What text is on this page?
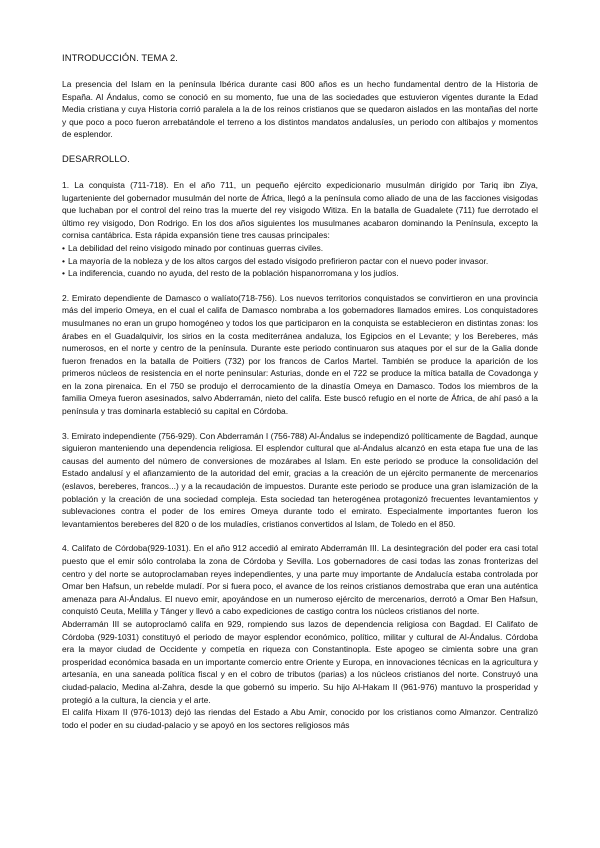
INTRODUCCIÓN. TEMA 2.

La presencia del Islam en la península Ibérica durante casi 800 años es un hecho fundamental dentro de la Historia de España. Al Ándalus, como se conoció en su momento, fue una de las sociedades que estuvieron vigentes durante la Edad Media cristiana y cuya Historia corrió paralela a la de los reinos cristianos que se quedaron aislados en las montañas del norte y que poco a poco fueron arrebatándole el terreno a los distintos mandatos andalusíes, un periodo con altibajos y momentos de esplendor.

DESARROLLO.

1. La conquista (711-718). En el año 711, un pequeño ejército expedicionario musulmán dirigido por Tariq ibn Ziya, lugarteniente del gobernador musulmán del norte de África, llegó a la península como aliado de una de las facciones visigodas que luchaban por el control del reino tras la muerte del rey visigodo Witiza. En la batalla de Guadalete (711) fue derrotado el último rey visigodo, Don Rodrigo. En los dos años siguientes los musulmanes acabaron dominando la Península, excepto la cornisa cantábrica. Esta rápida expansión tiene tres causas principales:

• La debilidad del reino visigodo minado por continuas guerras civiles.
• La mayoría de la nobleza y de los altos cargos del estado visigodo prefirieron pactar con el nuevo poder invasor.
• La indiferencia, cuando no ayuda, del resto de la población hispanorromana y los judíos.

2. Emirato dependiente de Damasco o walíato(718-756). Los nuevos territorios conquistados se convirtieron en una provincia más del imperio Omeya, en el cual el califa de Damasco nombraba a los gobernadores llamados emires. Los conquistadores musulmanes no eran un grupo homogéneo y todos los que participaron en la conquista se establecieron en distintas zonas: los árabes en el Guadalquivir, los sirios en la costa mediterránea andaluza, los Egipcios en el Levante; y los Bereberes, más numerosos, en el norte y centro de la península. Durante este periodo continuaron sus ataques por el sur de la Galia donde fueron frenados en la batalla de Poitiers (732) por los francos de Carlos Martel. También se produce la aparición de los primeros núcleos de resistencia en el norte peninsular: Asturias, donde en el 722 se produce la mítica batalla de Covadonga y en la zona pirenaica. En el 750 se produjo el derrocamiento de la dinastía Omeya en Damasco. Todos los miembros de la familia Omeya fueron asesinados, salvo Abderramán, nieto del califa. Este buscó refugio en el norte de África, de ahí pasó a la península y tras dominarla estableció su capital en Córdoba.

3. Emirato independiente (756-929). Con Abderramán I (756-788) Al-Ándalus se independizó políticamente de Bagdad, aunque siguieron manteniendo una dependencia religiosa. El esplendor cultural que al-Ándalus alcanzó en esta etapa fue una de las causas del aumento del número de conversiones de mozárabes al Islam. En este periodo se produce la consolidación del Estado andalusí y el afianzamiento de la autoridad del emir, gracias a la creación de un ejército permanente de mercenarios (eslavos, bereberes, francos...) y a la recaudación de impuestos. Durante este periodo se produce una gran islamización de la población y la creación de una sociedad compleja. Esta sociedad tan heterogénea protagonizó frecuentes levantamientos y sublevaciones contra el poder de los emires Omeya durante todo el emirato. Especialmente importantes fueron los levantamientos bereberes del 820 o de los muladíes, cristianos convertidos al Islam, de Toledo en el 850.

4. Califato de Córdoba(929-1031). En el año 912 accedió al emirato Abderramán III. La desintegración del poder era casi total puesto que el emir sólo controlaba la zona de Córdoba y Sevilla. Los gobernadores de casi todas las zonas fronterizas del centro y del norte se autoproclamaban reyes independientes, y una parte muy importante de Andalucía estaba controlada por Omar ben Hafsun, un rebelde muladí. Por si fuera poco, el avance de los reinos cristianos demostraba que eran una auténtica amenaza para Al-Ándalus. El nuevo emir, apoyándose en un numeroso ejército de mercenarios, derrotó a Omar Ben Hafsun, conquistó Ceuta, Melilla y Tánger y llevó a cabo expediciones de castigo contra los núcleos cristianos del norte.

Abderramán III se autoproclamó califa en 929, rompiendo sus lazos de dependencia religiosa con Bagdad. El Califato de Córdoba (929-1031) constituyó el periodo de mayor esplendor económico, político, militar y cultural de Al-Ándalus. Córdoba era la mayor ciudad de Occidente y competía en riqueza con Constantinopla. Este apogeo se cimienta sobre una gran prosperidad económica basada en un importante comercio entre Oriente y Europa, en innovaciones técnicas en la agricultura y artesanía, en una saneada política fiscal y en el cobro de tributos (parias) a los núcleos cristianos del norte. Construyó una ciudad-palacio, Medina al-Zahra, desde la que gobernó su imperio. Su hijo Al-Hakam II (961-976) mantuvo la prosperidad y protegió a la cultura, la ciencia y el arte.

El califa Hixam II (976-1013) dejó las riendas del Estado a Abu Amir, conocido por los cristianos como Almanzor. Centralizó todo el poder en su ciudad-palacio y se apoyó en los sectores religiosos más
